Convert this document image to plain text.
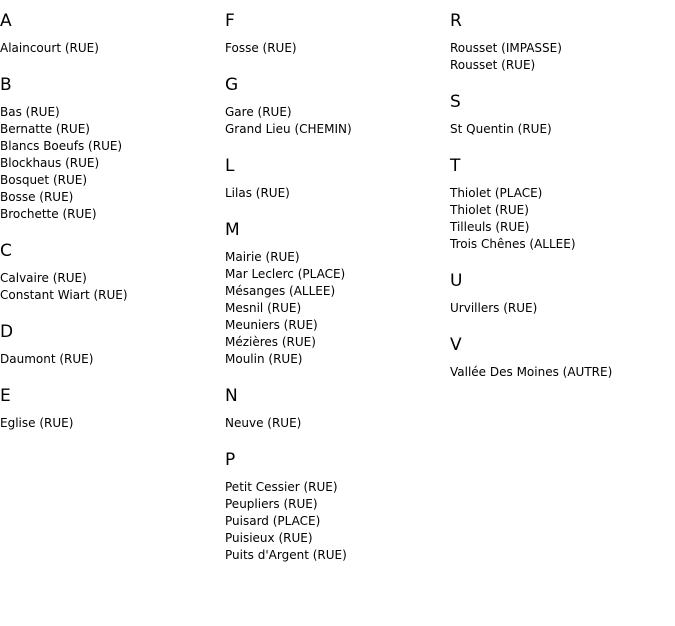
A
Alaincourt (RUE)
B
Bas (RUE)
Bernatte (RUE)
Blancs Boeufs (RUE)
Blockhaus (RUE)
Bosquet (RUE)
Bosse (RUE)
Brochette (RUE)
C
Calvaire (RUE)
Constant Wiart (RUE)
D
Daumont (RUE)
E
Eglise (RUE)
F
Fosse (RUE)
G
Gare (RUE)
Grand Lieu (CHEMIN)
L
Lilas (RUE)
M
Mairie (RUE)
Mar Leclerc (PLACE)
Mésanges (ALLEE)
Mesnil (RUE)
Meuniers (RUE)
Mézières (RUE)
Moulin (RUE)
N
Neuve (RUE)
P
Petit Cessier (RUE)
Peupliers (RUE)
Puisard (PLACE)
Puisieux (RUE)
Puits d'Argent (RUE)
R
Rousset (IMPASSE)
Rousset (RUE)
S
St Quentin (RUE)
T
Thiolet (PLACE)
Thiolet (RUE)
Tilleuls (RUE)
Trois Chênes (ALLEE)
U
Urvillers (RUE)
V
Vallée Des Moines (AUTRE)
